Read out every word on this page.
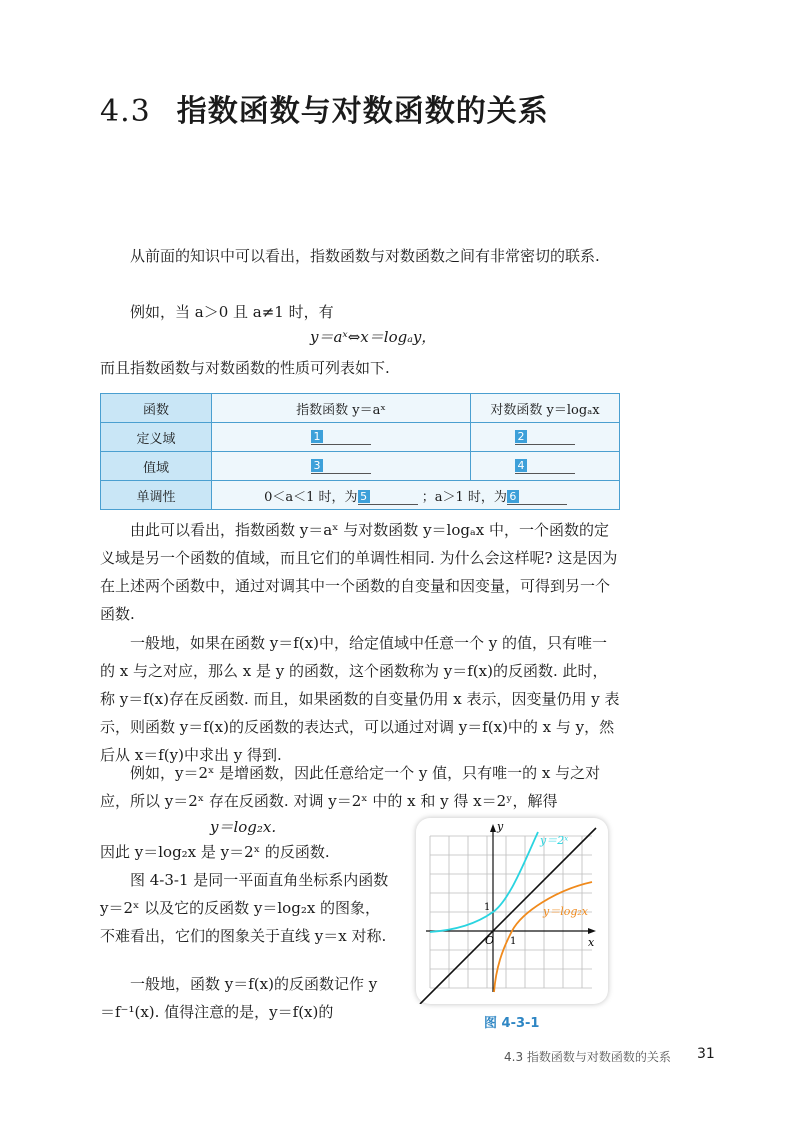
4.3 指数函数与对数函数的关系
从前面的知识中可以看出，指数函数与对数函数之间有非常密切的联系.
例如，当 a＞0 且 a≠1 时，有
y＝aˣ⇔x＝logₐy，
而且指数函数与对数函数的性质可列表如下.
函数	指数函数 y＝aˣ	对数函数 y＝logₐx
定义域	1	2
值域	3	4
单调性	0＜a＜1 时，为 5 ；a＞1 时，为 6	
由此可以看出，指数函数 y＝aˣ 与对数函数 y＝logₐx 中，一个函数的定义域是另一个函数的值域，而且它们的单调性相同. 为什么会这样呢? 这是因为在上述两个函数中，通过对调其中一个函数的自变量和因变量，可得到另一个函数.
一般地，如果在函数 y＝f(x)中，给定值域中任意一个 y 的值，只有唯一的 x 与之对应，那么 x 是 y 的函数，这个函数称为 y＝f(x)的反函数. 此时，称 y＝f(x)存在反函数. 而且，如果函数的自变量仍用 x 表示，因变量仍用 y 表示，则函数 y＝f(x)的反函数的表达式，可以通过对调 y＝f(x)中的 x 与 y，然后从 x＝f(y)中求出 y 得到.
例如，y＝2ˣ 是增函数，因此任意给定一个 y 值，只有唯一的 x 与之对应，所以 y＝2ˣ 存在反函数. 对调 y＝2ˣ 中的 x 和 y 得 x＝2ʸ，解得
y＝log₂x.
因此 y＝log₂x 是 y＝2ˣ 的反函数.
图 4-3-1 是同一平面直角坐标系内函数 y＝2ˣ 以及它的反函数 y＝log₂x 的图象，不难看出，它们的图象关于直线 y＝x 对称.
一般地，函数 y＝f(x)的反函数记作 y＝f⁻¹(x). 值得注意的是，y＝f(x)的
y＝2ˣ
y＝log₂x
x
y
O 1
1
图 4-3-1
4.3 指数函数与对数函数的关系 31
